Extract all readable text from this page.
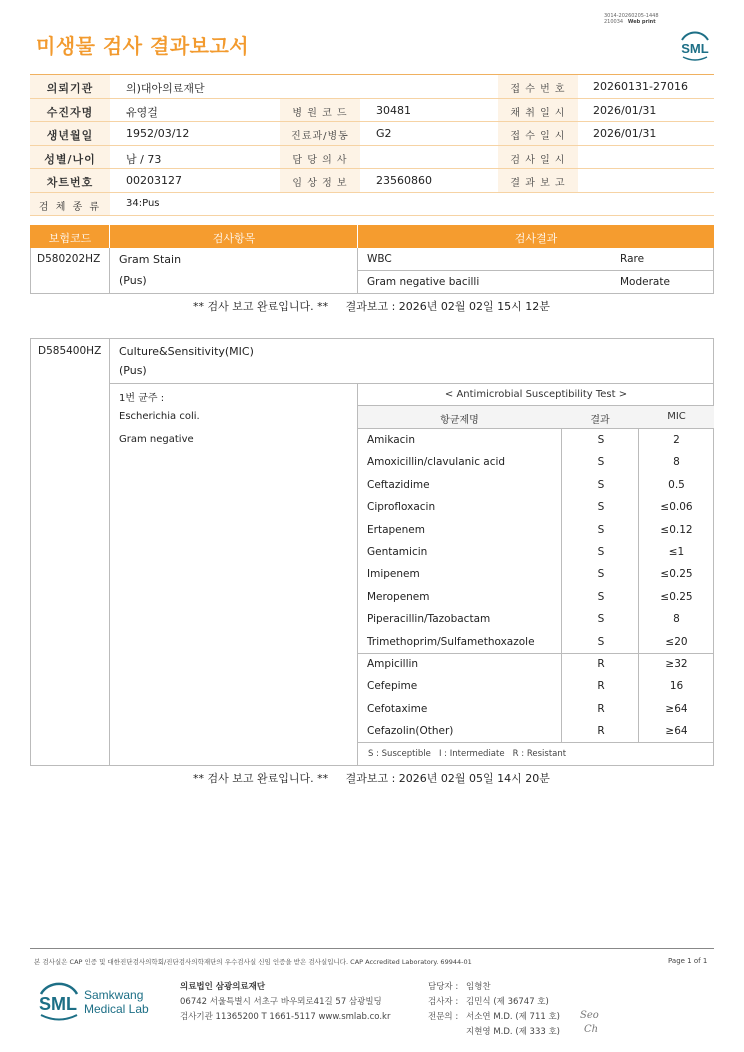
미생물 검사 결과보고서
3014-20260205-1448
210034 Web print
SML
의뢰기관	의)대아의료재단	접 수 번 호	20260131-27016
수진자명	유영걸	병 원 코 드	30481	채 취 일 시	2026/01/31
생년월일	1952/03/12	진료과/병동	G2	접 수 일 시	2026/01/31
성별/나이	남 / 73	담 당 의 사	검 사 일 시
차트번호	00203127	임 상 정 보	23560860	결 과 보 고
검 체 종 류	34:Pus
보험코드	검사항목	검사결과
D580202HZ Gram Stain
(Pus)
WBC	Rare
Gram negative bacilli	Moderate
** 검사 보고 완료입니다. **     결과보고 : 2026년 02월 02일 15시 12분
D585400HZ Culture&Sensitivity(MIC)
(Pus)
1번 균주 :
Escherichia coli.
Gram negative
< Antimicrobial Susceptibility Test >
항균제명	결과	MIC
Amikacin	S	2
Amoxicillin/clavulanic acid	S	8
Ceftazidime	S	0.5
Ciprofloxacin	S	≤0.06
Ertapenem	S	≤0.12
Gentamicin	S	≤1
Imipenem	S	≤0.25
Meropenem	S	≤0.25
Piperacillin/Tazobactam	S	8
Trimethoprim/Sulfamethoxazole	S	≤20
Ampicillin	R	≥32
Cefepime	R	16
Cefotaxime	R	≥64
Cefazolin(Other)	R	≥64
S : Susceptible   I : Intermediate   R : Resistant
** 검사 보고 완료입니다. **     결과보고 : 2026년 02월 05일 14시 20분
본 검사실은 CAP 인증 및 대한진단검사의학회/진단검사의학재단의 우수검사실 신임 인증을 받은 검사실입니다. CAP Accredited Laboratory. 69944-01	Page 1 of 1
SML Samkwang
Medical Lab
의료법인 삼광의료재단
06742 서울특별시 서초구 바우뫼로41길 57 삼광빌딩
검사기관 11365200 T 1661-5117 www.smlab.co.kr
담당자 : 임형찬
검사자 : 김민식 (제 36747 호)
전문의 : 서소연 M.D. (제 711 호)
지현영 M.D. (제 333 호)
Seo
Ch
